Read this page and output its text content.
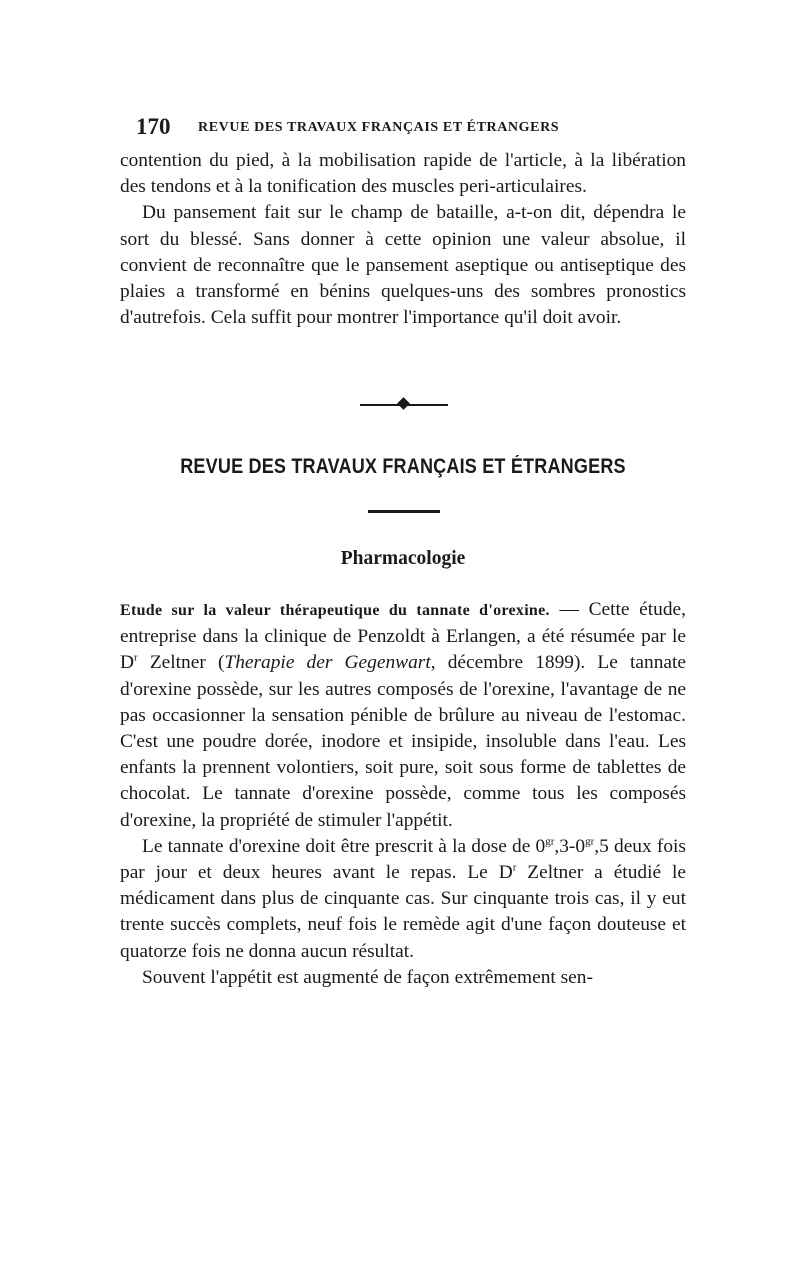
170 REVUE DES TRAVAUX FRANÇAIS ET ÉTRANGERS

contention du pied, à la mobilisation rapide de l'article, à la libération des tendons et à la tonification des muscles peri-articulaires.

Du pansement fait sur le champ de bataille, a-t-on dit, dépendra le sort du blessé. Sans donner à cette opinion une valeur absolue, il convient de reconnaître que le pansement aseptique ou antiseptique des plaies a transformé en bénins quelques-uns des sombres pronostics d'autrefois. Cela suffit pour montrer l'importance qu'il doit avoir.

REVUE DES TRAVAUX FRANÇAIS ET ÉTRANGERS
Pharmacologie

Etude sur la valeur thérapeutique du tannate d'orexine. — Cette étude, entreprise dans la clinique de Penzoldt à Erlangen, a été résumée par le $D^r$ Zeltner (Therapie der Gegenwart, décembre 1899). Le tannate d'orexine possède, sur les autres composés de l'orexine, l'avantage de ne pas occasionner la sensation pénible de brûlure au niveau de l'estomac. C'est une poudre dorée, inodore et insipide, insoluble dans l'eau. Les enfants la prennent volontiers, soit pure, soit sous forme de tablettes de chocolat. Le tannate d'orexine possède, comme tous les composés d'orexine, la propriété de stimuler l'appétit.

Le tannate d'orexine doit être prescrit à la dose de $0^{gr},3-0^{gr},5$ deux fois par jour et deux heures avant le repas. Le $D^r$ Zeltner a étudié le médicament dans plus de cinquante cas. Sur cinquante trois cas, il y eut trente succès complets, neuf fois le remède agit d'une façon douteuse et quatorze fois ne donna aucun résultat.

Souvent l'appétit est augmenté de façon extrêmement sen-
